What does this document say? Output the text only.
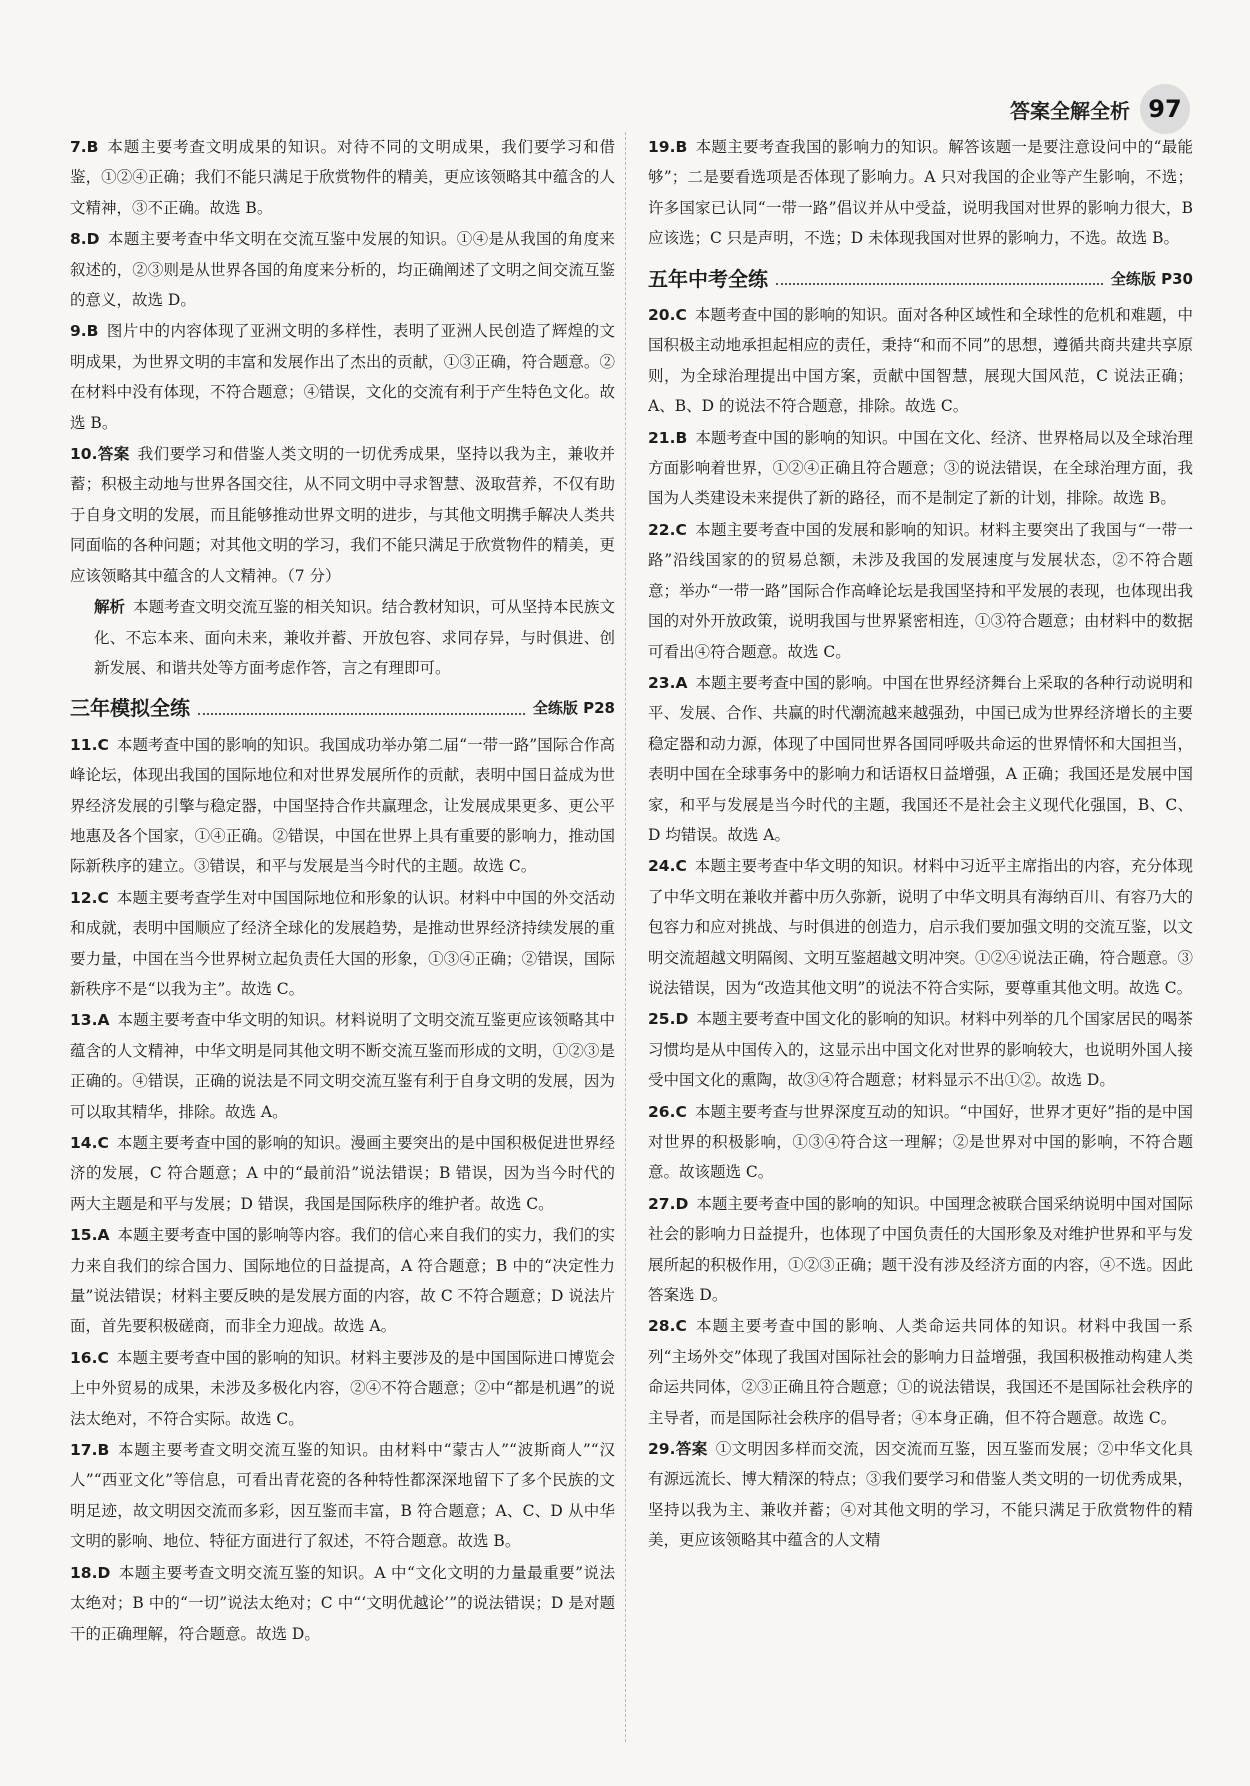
答案全解全析 97
7.B 本题主要考查文明成果的知识。对待不同的文明成果，我们要学习和借鉴，①②④正确；我们不能只满足于欣赏物件的精美，更应该领略其中蕴含的人文精神，③不正确。故选 B。
8.D 本题主要考查中华文明在交流互鉴中发展的知识。①④是从我国的角度来叙述的，②③则是从世界各国的角度来分析的，均正确阐述了文明之间交流互鉴的意义，故选 D。
9.B 图片中的内容体现了亚洲文明的多样性，表明了亚洲人民创造了辉煌的文明成果，为世界文明的丰富和发展作出了杰出的贡献，①③正确，符合题意。②在材料中没有体现，不符合题意；④错误，文化的交流有利于产生特色文化。故选 B。
10.答案 我们要学习和借鉴人类文明的一切优秀成果，坚持以我为主，兼收并蓄；积极主动地与世界各国交往，从不同文明中寻求智慧、汲取营养，不仅有助于自身文明的发展，而且能够推动世界文明的进步，与其他文明携手解决人类共同面临的各种问题；对其他文明的学习，我们不能只满足于欣赏物件的精美，更应该领略其中蕴含的人文精神。（7 分）
解析 本题考查文明交流互鉴的相关知识。结合教材知识，可从坚持本民族文化、不忘本来、面向未来，兼收并蓄、开放包容、求同存异，与时俱进、创新发展、和谐共处等方面考虑作答，言之有理即可。
三年模拟全练	全练版 P28
11.C 本题考查中国的影响的知识。我国成功举办第二届“一带一路”国际合作高峰论坛，体现出我国的国际地位和对世界发展所作的贡献，表明中国日益成为世界经济发展的引擎与稳定器，中国坚持合作共赢理念，让发展成果更多、更公平地惠及各个国家，①④正确。②错误，中国在世界上具有重要的影响力，推动国际新秩序的建立。③错误，和平与发展是当今时代的主题。故选 C。
12.C 本题主要考查学生对中国国际地位和形象的认识。材料中中国的外交活动和成就，表明中国顺应了经济全球化的发展趋势，是推动世界经济持续发展的重要力量，中国在当今世界树立起负责任大国的形象，①③④正确；②错误，国际新秩序不是“以我为主”。故选 C。
13.A 本题主要考查中华文明的知识。材料说明了文明交流互鉴更应该领略其中蕴含的人文精神，中华文明是同其他文明不断交流互鉴而形成的文明，①②③是正确的。④错误，正确的说法是不同文明交流互鉴有利于自身文明的发展，因为可以取其精华，排除。故选 A。
14.C 本题主要考查中国的影响的知识。漫画主要突出的是中国积极促进世界经济的发展，C 符合题意；A 中的“最前沿”说法错误；B 错误，因为当今时代的两大主题是和平与发展；D 错误，我国是国际秩序的维护者。故选 C。
15.A 本题主要考查中国的影响等内容。我们的信心来自我们的实力，我们的实力来自我们的综合国力、国际地位的日益提高，A 符合题意；B 中的“决定性力量”说法错误；材料主要反映的是发展方面的内容，故 C 不符合题意；D 说法片面，首先要积极磋商，而非全力迎战。故选 A。
16.C 本题主要考查中国的影响的知识。材料主要涉及的是中国国际进口博览会上中外贸易的成果，未涉及多极化内容，②④不符合题意；②中“都是机遇”的说法太绝对，不符合实际。故选 C。
17.B 本题主要考查文明交流互鉴的知识。由材料中“蒙古人”“波斯商人”“汉人”“西亚文化”等信息，可看出青花瓷的各种特性都深深地留下了多个民族的文明足迹，故文明因交流而多彩，因互鉴而丰富，B 符合题意；A、C、D 从中华文明的影响、地位、特征方面进行了叙述，不符合题意。故选 B。
18.D 本题主要考查文明交流互鉴的知识。A 中“文化文明的力量最重要”说法太绝对；B 中的“一切”说法太绝对；C 中“‘文明优越论’”的说法错误；D 是对题干的正确理解，符合题意。故选 D。
19.B 本题主要考查我国的影响力的知识。解答该题一是要注意设问中的“最能够”；二是要看选项是否体现了影响力。A 只对我国的企业等产生影响，不选；许多国家已认同“一带一路”倡议并从中受益，说明我国对世界的影响力很大，B 应该选；C 只是声明，不选；D 未体现我国对世界的影响力，不选。故选 B。
五年中考全练	全练版 P30
20.C 本题考查中国的影响的知识。面对各种区域性和全球性的危机和难题，中国积极主动地承担起相应的责任，秉持“和而不同”的思想，遵循共商共建共享原则，为全球治理提出中国方案，贡献中国智慧，展现大国风范，C 说法正确；A、B、D 的说法不符合题意，排除。故选 C。
21.B 本题考查中国的影响的知识。中国在文化、经济、世界格局以及全球治理方面影响着世界，①②④正确且符合题意；③的说法错误，在全球治理方面，我国为人类建设未来提供了新的路径，而不是制定了新的计划，排除。故选 B。
22.C 本题主要考查中国的发展和影响的知识。材料主要突出了我国与“一带一路”沿线国家的的贸易总额，未涉及我国的发展速度与发展状态，②不符合题意；举办“一带一路”国际合作高峰论坛是我国坚持和平发展的表现，也体现出我国的对外开放政策，说明我国与世界紧密相连，①③符合题意；由材料中的数据可看出④符合题意。故选 C。
23.A 本题主要考查中国的影响。中国在世界经济舞台上采取的各种行动说明和平、发展、合作、共赢的时代潮流越来越强劲，中国已成为世界经济增长的主要稳定器和动力源，体现了中国同世界各国同呼吸共命运的世界情怀和大国担当，表明中国在全球事务中的影响力和话语权日益增强，A 正确；我国还是发展中国家，和平与发展是当今时代的主题，我国还不是社会主义现代化强国，B、C、D 均错误。故选 A。
24.C 本题主要考查中华文明的知识。材料中习近平主席指出的内容，充分体现了中华文明在兼收并蓄中历久弥新，说明了中华文明具有海纳百川、有容乃大的包容力和应对挑战、与时俱进的创造力，启示我们要加强文明的交流互鉴，以文明交流超越文明隔阂、文明互鉴超越文明冲突。①②④说法正确，符合题意。③说法错误，因为“改造其他文明”的说法不符合实际，要尊重其他文明。故选 C。
25.D 本题主要考查中国文化的影响的知识。材料中列举的几个国家居民的喝茶习惯均是从中国传入的，这显示出中国文化对世界的影响较大，也说明外国人接受中国文化的熏陶，故③④符合题意；材料显示不出①②。故选 D。
26.C 本题主要考查与世界深度互动的知识。“中国好，世界才更好”指的是中国对世界的积极影响，①③④符合这一理解；②是世界对中国的影响，不符合题意。故该题选 C。
27.D 本题主要考查中国的影响的知识。中国理念被联合国采纳说明中国对国际社会的影响力日益提升，也体现了中国负责任的大国形象及对维护世界和平与发展所起的积极作用，①②③正确；题干没有涉及经济方面的内容，④不选。因此答案选 D。
28.C 本题主要考查中国的影响、人类命运共同体的知识。材料中我国一系列“主场外交”体现了我国对国际社会的影响力日益增强，我国积极推动构建人类命运共同体，②③正确且符合题意；①的说法错误，我国还不是国际社会秩序的主导者，而是国际社会秩序的倡导者；④本身正确，但不符合题意。故选 C。
29.答案 ①文明因多样而交流，因交流而互鉴，因互鉴而发展；②中华文化具有源远流长、博大精深的特点；③我们要学习和借鉴人类文明的一切优秀成果，坚持以我为主、兼收并蓄；④对其他文明的学习，不能只满足于欣赏物件的精美，更应该领略其中蕴含的人文精
